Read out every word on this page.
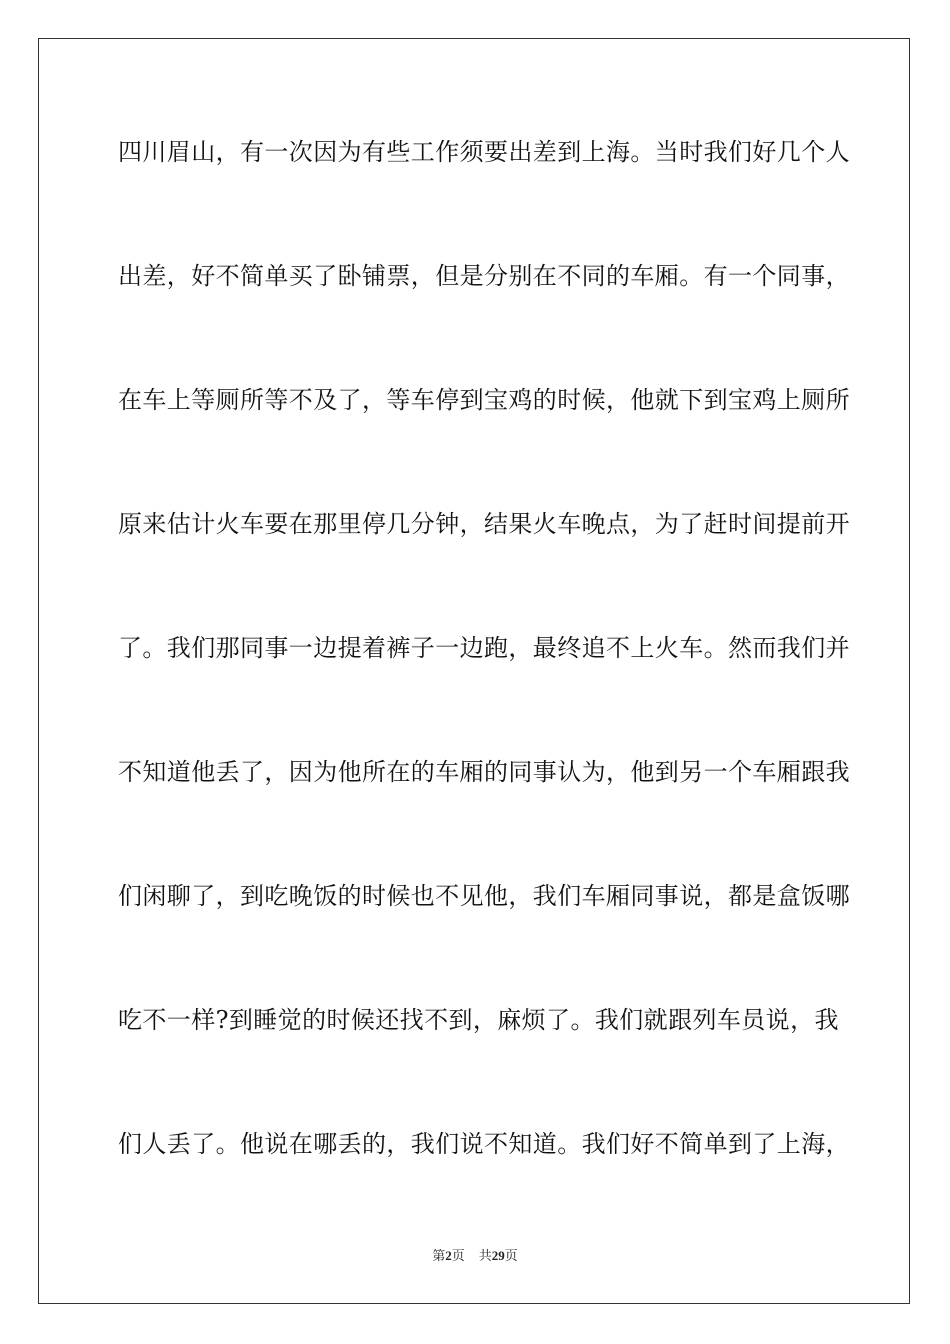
四川眉山，有一次因为有些工作须要出差到上海。当时我们好几个人
出差，好不简单买了卧铺票，但是分别在不同的车厢。有一个同事，
在车上等厕所等不及了，等车停到宝鸡的时候，他就下到宝鸡上厕所
原来估计火车要在那里停几分钟，结果火车晚点，为了赶时间提前开
了。我们那同事一边提着裤子一边跑，最终追不上火车。然而我们并
不知道他丢了，因为他所在的车厢的同事认为，他到另一个车厢跟我
们闲聊了，到吃晚饭的时候也不见他，我们车厢同事说，都是盒饭哪
吃不一样?到睡觉的时候还找不到，麻烦了。我们就跟列车员说，我
们人丢了。他说在哪丢的，我们说不知道。我们好不简单到了上海，
第2页 共29页
